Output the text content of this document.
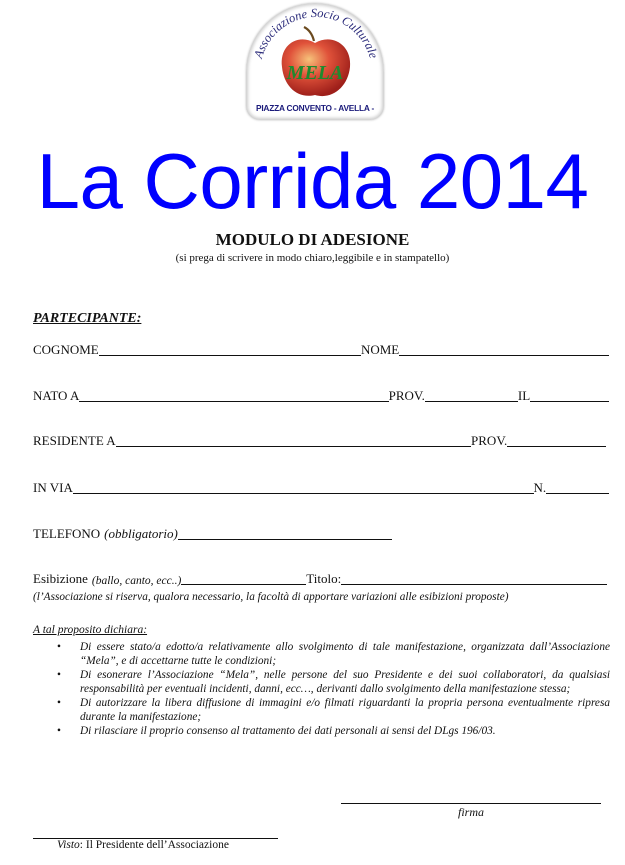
Associazione Socio Culturale
MELA
PIAZZA CONVENTO - AVELLA -
La Corrida 2014
MODULO DI ADESIONE
(si prega di scrivere in modo chiaro,leggibile e in stampatello)
PARTECIPANTE:
COGNOME	NOME
NATO A	PROV.	IL
RESIDENTE A	PROV.
IN VIA	N.
TELEFONO (obbligatorio)
Esibizione (ballo, canto, ecc..)	Titolo:
(l’Associazione si riserva, qualora necessario, la facoltà di apportare variazioni alle esibizioni proposte)
A tal proposito dichiara:
• Di essere stato/a edotto/a relativamente allo svolgimento di tale manifestazione, organizzata dall’Associazione “Mela”, e di accettarne tutte le condizioni;
• Di esonerare l’Associazione “Mela”, nelle persone del suo Presidente e dei suoi collaboratori, da qualsiasi responsabilità per eventuali incidenti, danni, ecc…, derivanti dallo svolgimento della manifestazione stessa;
• Di autorizzare la libera diffusione di immagini e/o filmati riguardanti la propria persona eventualmente ripresa durante la manifestazione;
• Di rilasciare il proprio consenso al trattamento dei dati personali ai sensi del DLgs 196/03.
firma
Visto: Il Presidente dell’Associazione
